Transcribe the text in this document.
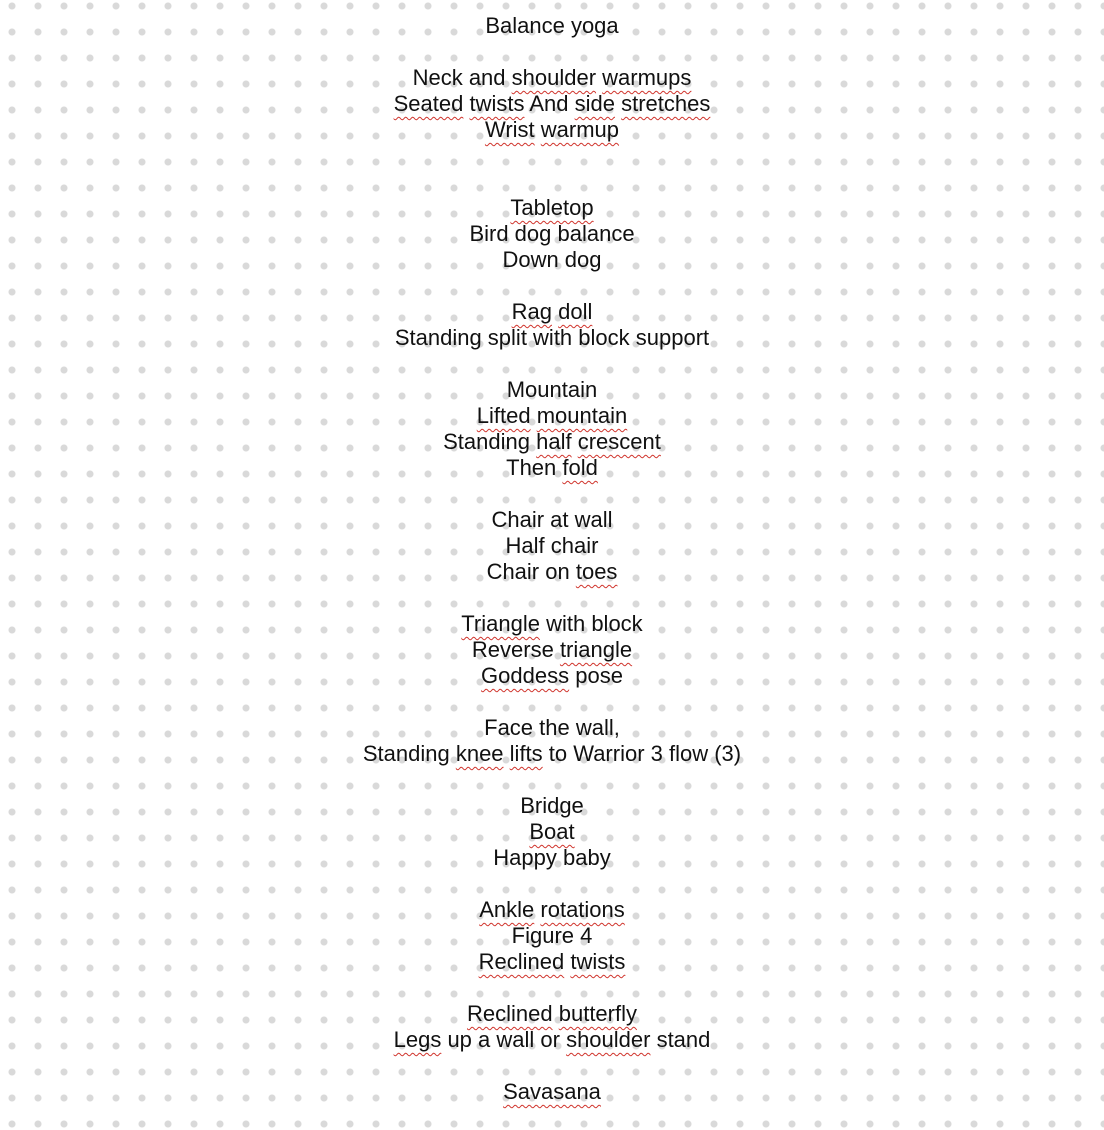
Balance yoga
Neck and shoulder warmups
Seated twists And side stretches
Wrist warmup
Tabletop
Bird dog balance
Down dog
Rag doll
Standing split with block support
Mountain
Lifted mountain
Standing half crescent
Then fold
Chair at wall
Half chair
Chair on toes
Triangle with block
Reverse triangle
Goddess pose
Face the wall,
Standing knee lifts to Warrior 3 flow (3)
Bridge
Boat
Happy baby
Ankle rotations
Figure 4
Reclined twists
Reclined butterfly
Legs up a wall or shoulder stand
Savasana
